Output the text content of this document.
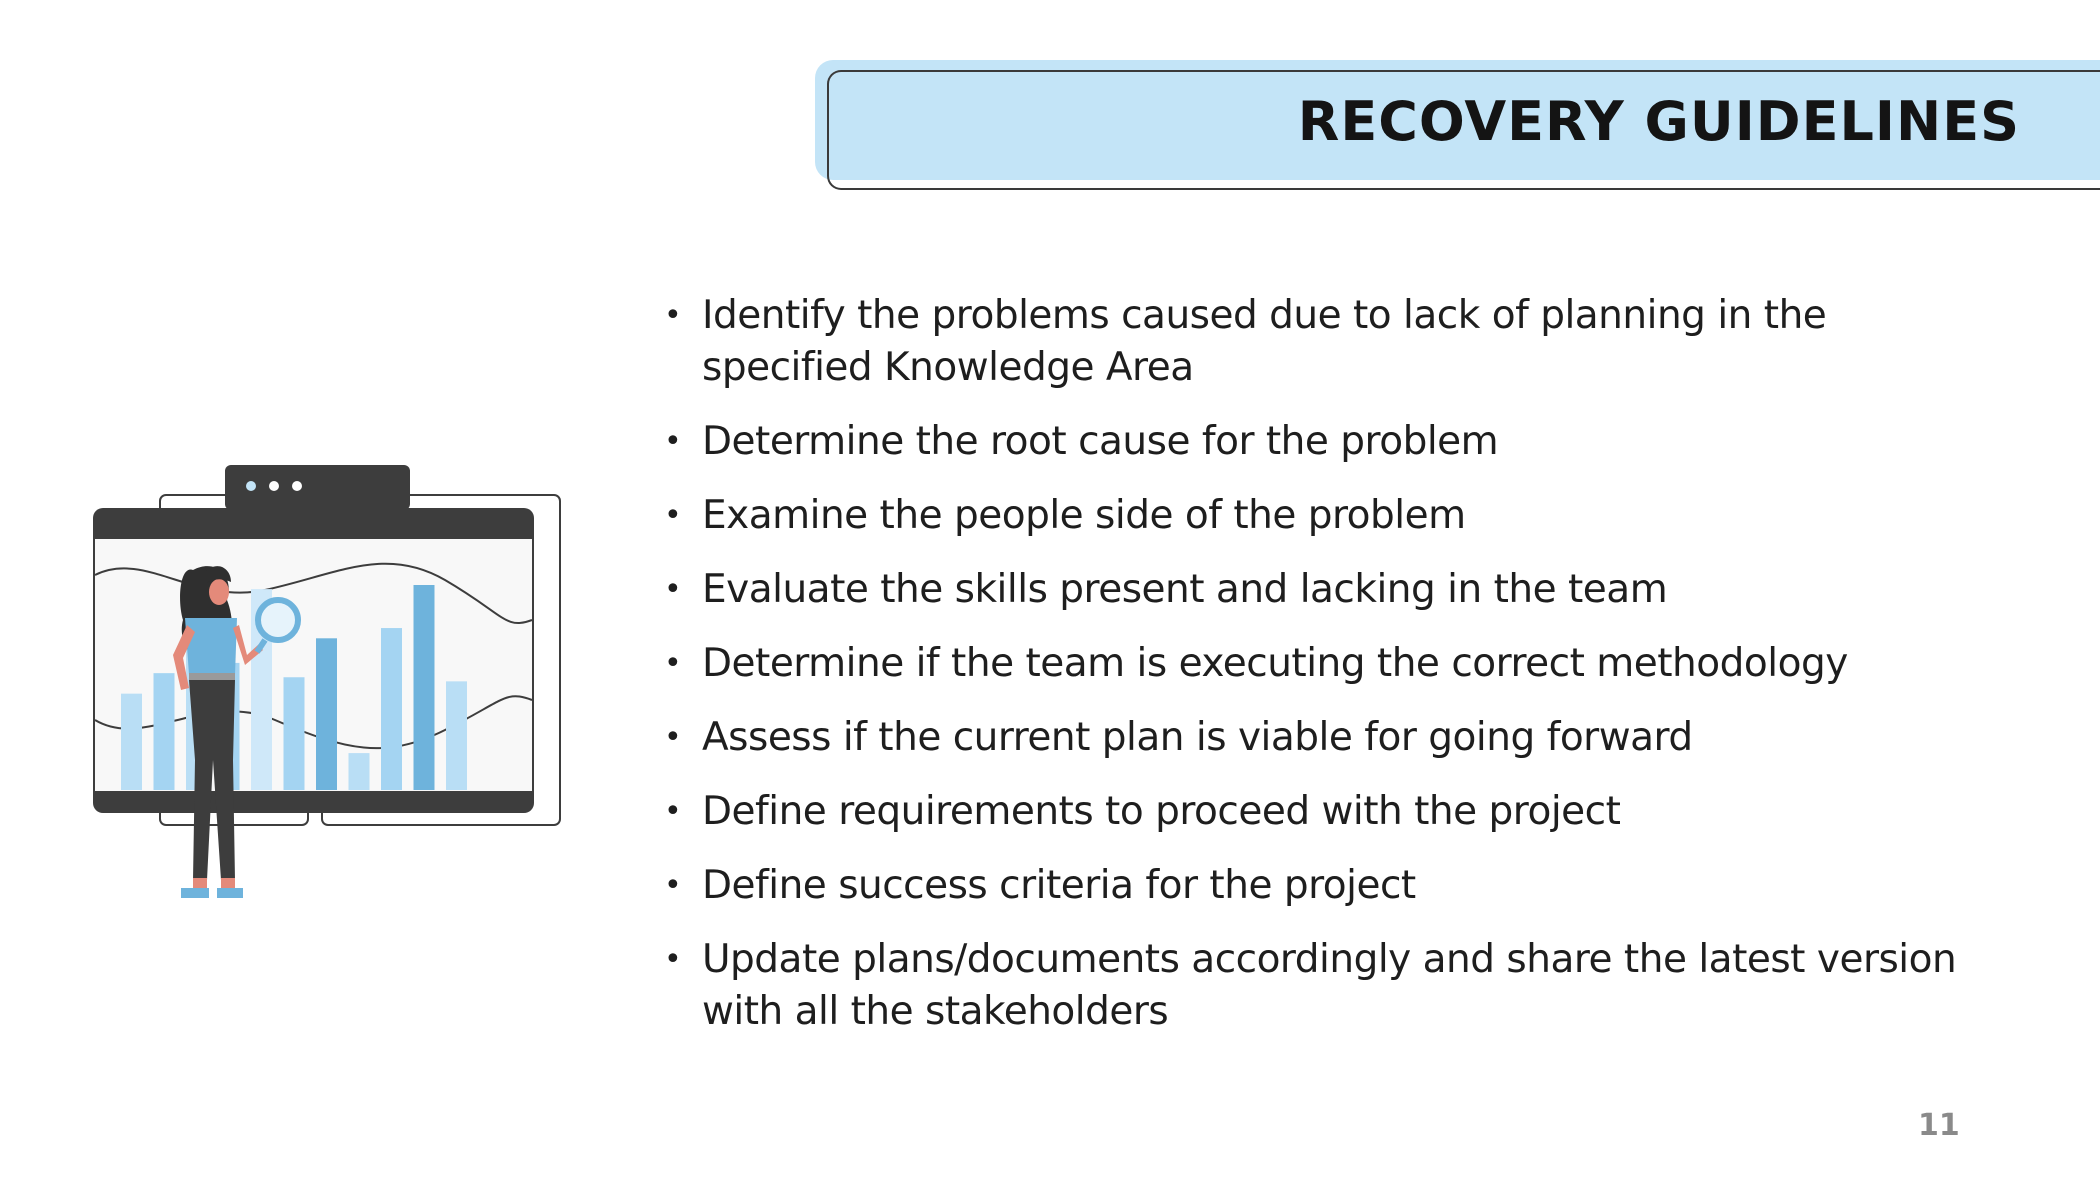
RECOVERY GUIDELINES
• Identify the problems caused due to lack of planning in the specified Knowledge Area
• Determine the root cause for the problem
• Examine the people side of the problem
• Evaluate the skills present and lacking in the team
• Determine if the team is executing the correct methodology
• Assess if the current plan is viable for going forward
• Define requirements to proceed with the project
• Define success criteria for the project
• Update plans/documents accordingly and share the latest version with all the stakeholders
11
